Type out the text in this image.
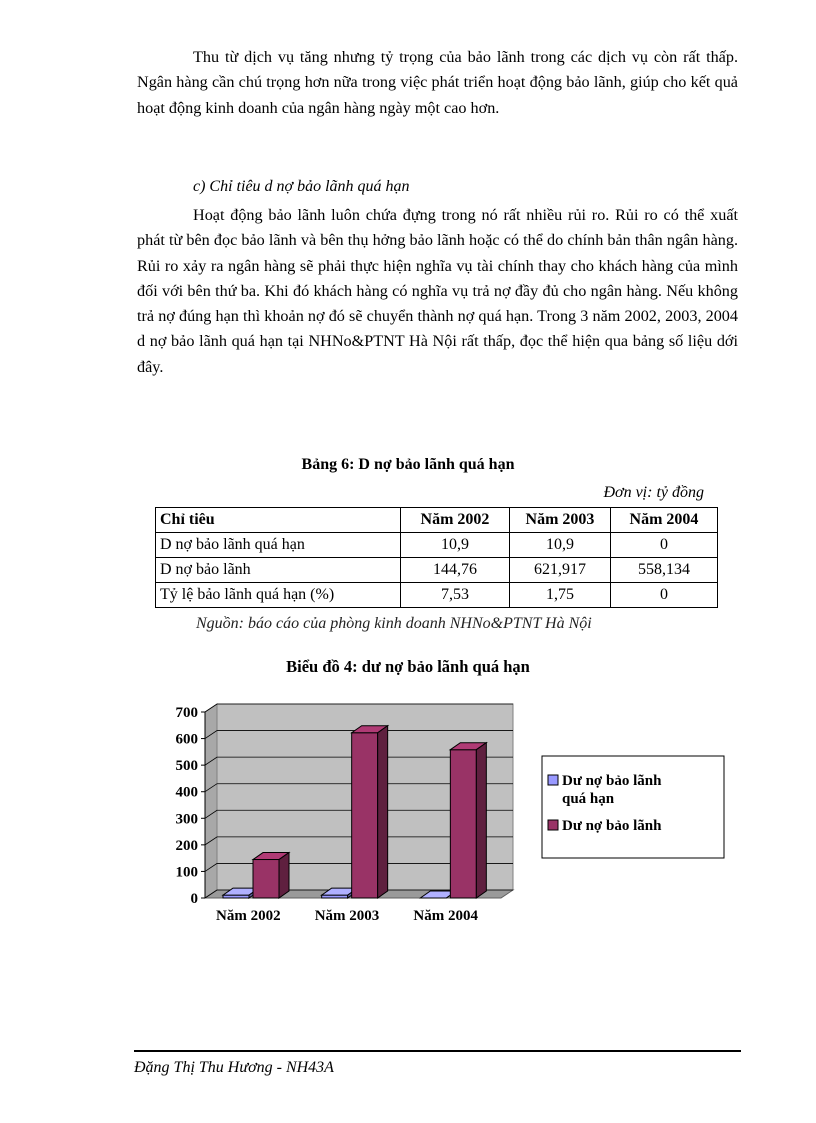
Thu từ dịch vụ tăng nhưng tỷ trọng của bảo lãnh trong các dịch vụ còn rất thấp. Ngân hàng cần chú trọng hơn nữa trong việc phát triển hoạt động bảo lãnh, giúp cho kết quả hoạt động kinh doanh của ngân hàng ngày một cao hơn.

c) Chỉ tiêu d nợ bảo lãnh quá hạn

Hoạt động bảo lãnh luôn chứa đựng trong nó rất nhiều rủi ro. Rủi ro có thể xuất phát từ bên đọc bảo lãnh và bên thụ hởng bảo lãnh hoặc có thể do chính bản thân ngân hàng. Rủi ro xảy ra ngân hàng sẽ phải thực hiện nghĩa vụ tài chính thay cho khách hàng của mình đối với bên thứ ba. Khi đó khách hàng có nghĩa vụ trả nợ đầy đủ cho ngân hàng. Nếu không trả nợ đúng hạn thì khoản nợ đó sẽ chuyển thành nợ quá hạn. Trong 3 năm 2002, 2003, 2004 d nợ bảo lãnh quá hạn tại NHNo&PTNT Hà Nội rất thấp, đọc thể hiện qua bảng số liệu dới đây.

Bảng 6: D nợ bảo lãnh quá hạn
Đơn vị: tỷ đồng
Chỉ tiêu	Năm 2002	Năm 2003	Năm 2004
D nợ bảo lãnh quá hạn	10,9	10,9	0
D nợ bảo lãnh	144,76	621,917	558,134
Tỷ lệ bảo lãnh quá hạn (%)	7,53	1,75	0
Nguồn: báo cáo của phòng kinh doanh NHNo&PTNT Hà Nội
Biểu đồ 4: dư nợ bảo lãnh quá hạn
0
100
200
300
400
500
600
700
Năm 2002 Năm 2003 Năm 2004
Dư nợ bảo lãnh quá hạn
Dư nợ bảo lãnh
Đặng Thị Thu Hương - NH43A
